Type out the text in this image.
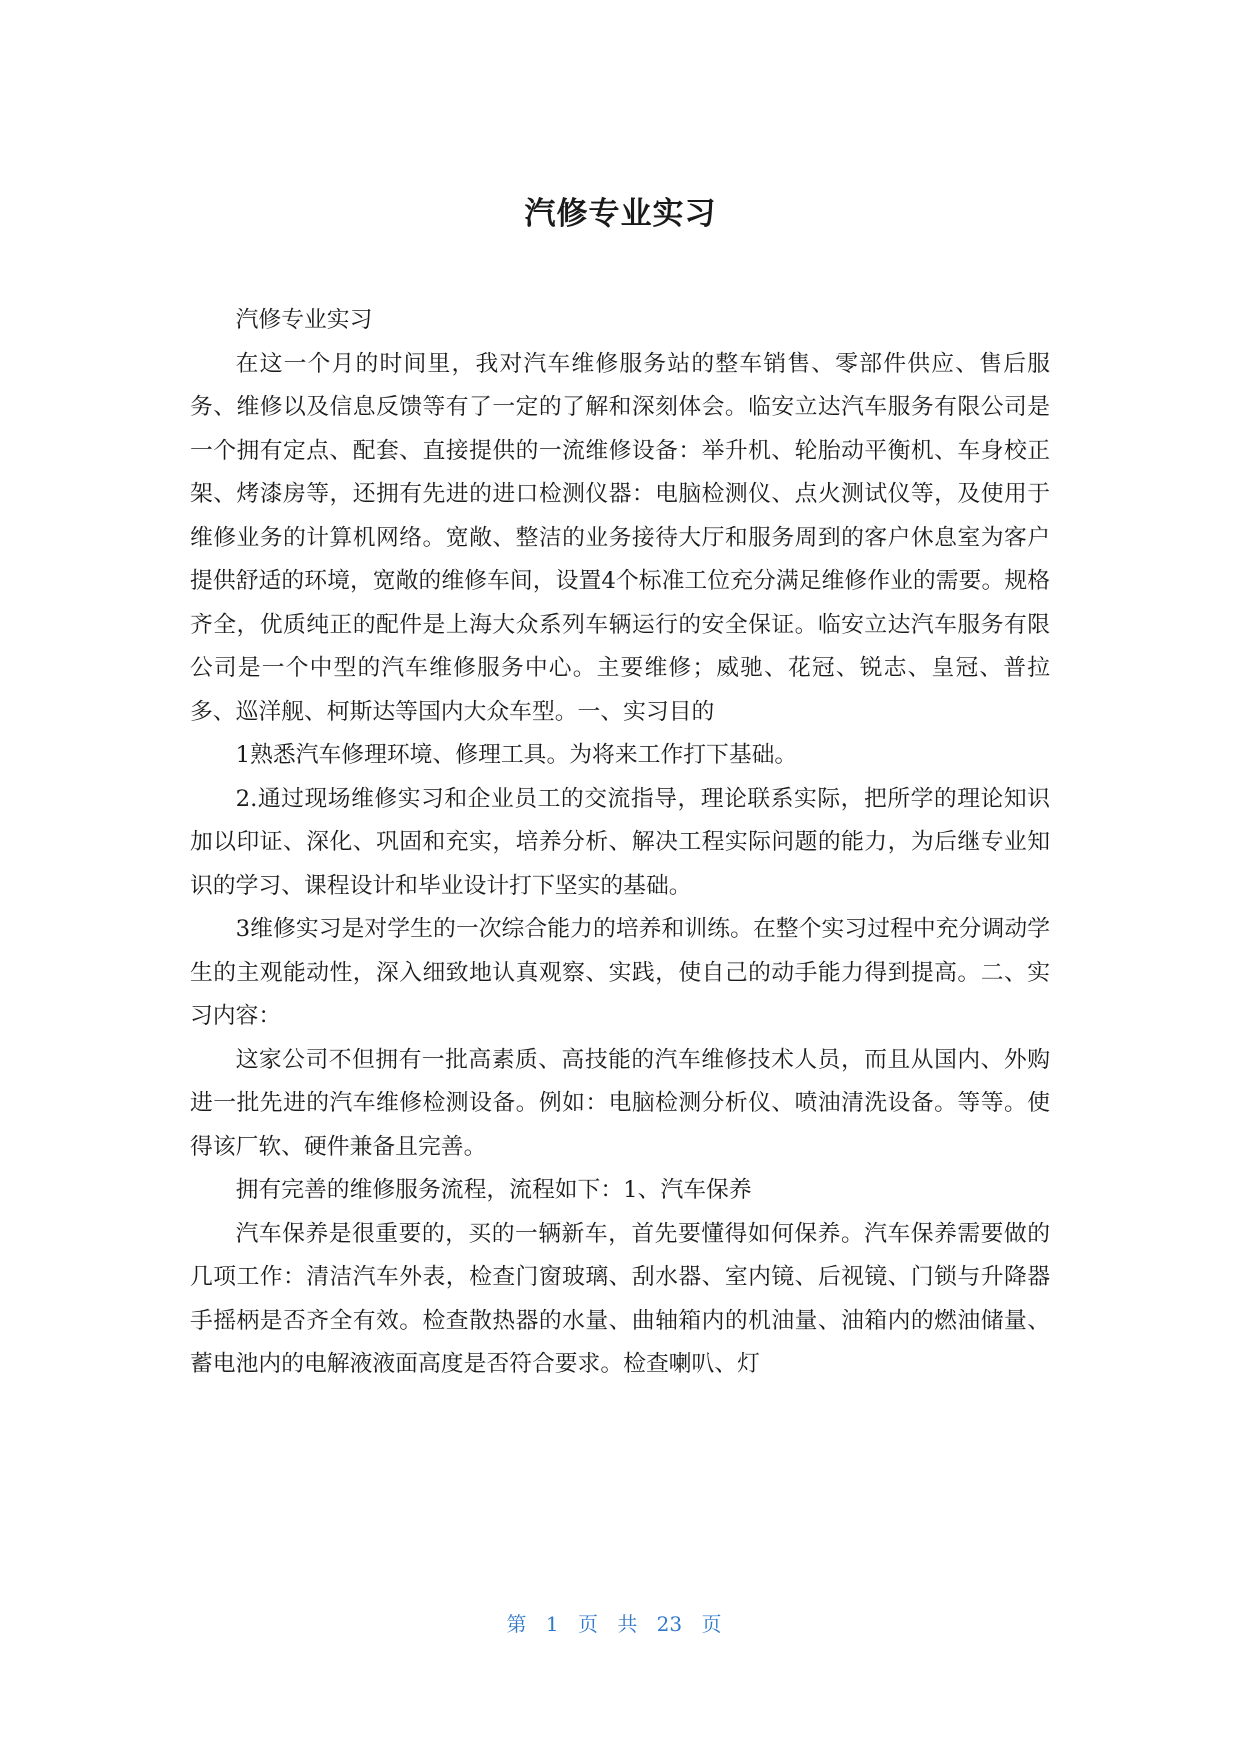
汽修专业实习

汽修专业实习

在这一个月的时间里，我对汽车维修服务站的整车销售、零部件供应、售后服务、维修以及信息反馈等有了一定的了解和深刻体会。临安立达汽车服务有限公司是一个拥有定点、配套、直接提供的一流维修设备：举升机、轮胎动平衡机、车身校正架、烤漆房等，还拥有先进的进口检测仪器：电脑检测仪、点火测试仪等，及使用于维修业务的计算机网络。宽敞、整洁的业务接待大厅和服务周到的客户休息室为客户提供舒适的环境，宽敞的维修车间，设置4个标准工位充分满足维修作业的需要。规格齐全，优质纯正的配件是上海大众系列车辆运行的安全保证。临安立达汽车服务有限公司是一个中型的汽车维修服务中心。主要维修；威驰、花冠、锐志、皇冠、普拉多、巡洋舰、柯斯达等国内大众车型。一、实习目的

1熟悉汽车修理环境、修理工具。为将来工作打下基础。

2.通过现场维修实习和企业员工的交流指导，理论联系实际，把所学的理论知识加以印证、深化、巩固和充实，培养分析、解决工程实际问题的能力，为后继专业知识的学习、课程设计和毕业设计打下坚实的基础。

3维修实习是对学生的一次综合能力的培养和训练。在整个实习过程中充分调动学生的主观能动性，深入细致地认真观察、实践，使自己的动手能力得到提高。二、实习内容：

这家公司不但拥有一批高素质、高技能的汽车维修技术人员，而且从国内、外购进一批先进的汽车维修检测设备。例如：电脑检测分析仪、喷油清洗设备。等等。使得该厂软、硬件兼备且完善。

拥有完善的维修服务流程，流程如下：1、汽车保养

汽车保养是很重要的，买的一辆新车，首先要懂得如何保养。汽车保养需要做的几项工作：清洁汽车外表，检查门窗玻璃、刮水器、室内镜、后视镜、门锁与升降器手摇柄是否齐全有效。检查散热器的水量、曲轴箱内的机油量、油箱内的燃油储量、蓄电池内的电解液液面高度是否符合要求。检查喇叭、灯

第 1 页 共 23 页
